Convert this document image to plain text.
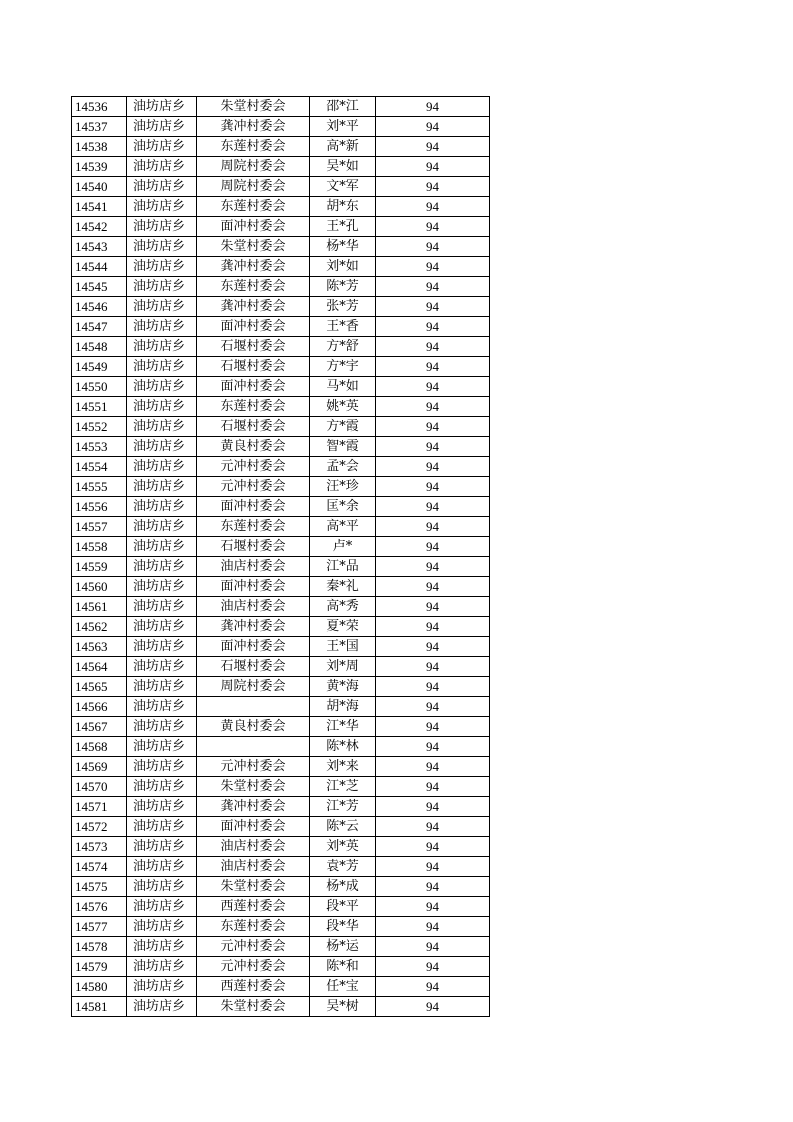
14536	油坊店乡	朱堂村委会	邵*江	94
14537	油坊店乡	龚冲村委会	刘*平	94
14538	油坊店乡	东莲村委会	高*新	94
14539	油坊店乡	周院村委会	吴*如	94
14540	油坊店乡	周院村委会	文*军	94
14541	油坊店乡	东莲村委会	胡*东	94
14542	油坊店乡	面冲村委会	王*孔	94
14543	油坊店乡	朱堂村委会	杨*华	94
14544	油坊店乡	龚冲村委会	刘*如	94
14545	油坊店乡	东莲村委会	陈*芳	94
14546	油坊店乡	龚冲村委会	张*芳	94
14547	油坊店乡	面冲村委会	王*香	94
14548	油坊店乡	石堰村委会	方*舒	94
14549	油坊店乡	石堰村委会	方*宇	94
14550	油坊店乡	面冲村委会	马*如	94
14551	油坊店乡	东莲村委会	姚*英	94
14552	油坊店乡	石堰村委会	方*霞	94
14553	油坊店乡	黄良村委会	智*霞	94
14554	油坊店乡	元冲村委会	孟*会	94
14555	油坊店乡	元冲村委会	汪*珍	94
14556	油坊店乡	面冲村委会	匡*余	94
14557	油坊店乡	东莲村委会	高*平	94
14558	油坊店乡	石堰村委会	卢*	94
14559	油坊店乡	油店村委会	江*品	94
14560	油坊店乡	面冲村委会	秦*礼	94
14561	油坊店乡	油店村委会	高*秀	94
14562	油坊店乡	龚冲村委会	夏*荣	94
14563	油坊店乡	面冲村委会	王*国	94
14564	油坊店乡	石堰村委会	刘*周	94
14565	油坊店乡	周院村委会	黄*海	94
14566	油坊店乡		胡*海	94
14567	油坊店乡	黄良村委会	江*华	94
14568	油坊店乡		陈*林	94
14569	油坊店乡	元冲村委会	刘*来	94
14570	油坊店乡	朱堂村委会	江*芝	94
14571	油坊店乡	龚冲村委会	江*芳	94
14572	油坊店乡	面冲村委会	陈*云	94
14573	油坊店乡	油店村委会	刘*英	94
14574	油坊店乡	油店村委会	袁*芳	94
14575	油坊店乡	朱堂村委会	杨*成	94
14576	油坊店乡	西莲村委会	段*平	94
14577	油坊店乡	东莲村委会	段*华	94
14578	油坊店乡	元冲村委会	杨*运	94
14579	油坊店乡	元冲村委会	陈*和	94
14580	油坊店乡	西莲村委会	任*宝	94
14581	油坊店乡	朱堂村委会	吴*树	94
